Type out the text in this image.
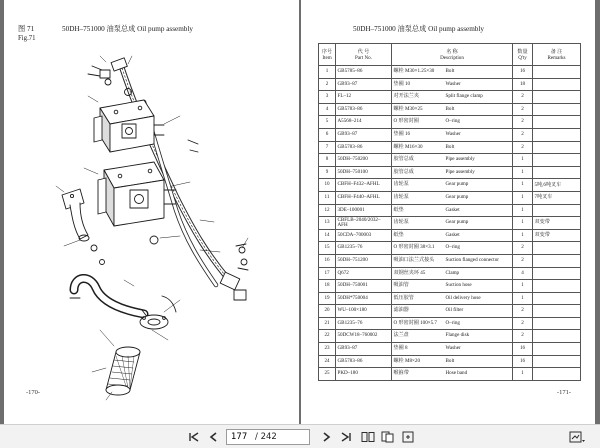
图 71
Fig.71
50DH–751000 油泵总成 Oil pump assembly
-170-
50DH–751000 油泵总成 Oil pump assembly
序号
Item	代 号
Part No.	名 称
Description	数量
Q'ty	备 注
Remarks

1	GB5785–86	螺栓 M30×1.25×30 Bolt	16	
2	GB93–87	垫圈 10 Washer	18	
3	FL–12	对开法兰夹 Split flange clamp	2	
4	GB5783–86	螺栓 M30×25 Bolt	2	
5	A5568–214	O 形密封圈 O–ring	2	
6	GB93–87	垫圈 16 Washer	2	
7	GB5783–86	螺栓 M16×30 Bolt	2	
8	50DH–750200	胶管总成 Pipe assembly	1	
9	50DH–750100	胶管总成 Pipe assembly	1	
10	CBFH–F432–AFHL	齿轮泵 Gear pump	1	5吨,6吨叉车
11	CBFH–F440–AFHL	齿轮泵 Gear pump	1	7吨叉车
12	3DE–100001	纸垫 Gasket	1	
13	CBFLB–2040/2032–AFH	齿轮泵 Gear pump	1	双变带
14	50CDA–700003	纸垫 Gasket	1	双变带
15	GB1235–76	O 形密封圈 38×3.1 O–ring	2	
16	50DH–751200	吸油口法兰式接头 Suction flanged connector	2	
17	Q672	双钢丝夹环 45 Clamp	4	
18	50DH–750001	吸油管 Suction hose	1	
19	50DH*750004	低压胶管 Oil delivery hose	1	
20	WU–100×180	滤油器 Oil filter	2	
21	GB1235–76	O 形密封圈 100×5.7 O–ring	2	
22	50DCW18–760002	法兰盘 Flange disk	2	
23	GB93–87	垫圈 8 Washer	16	
24	GB5783–86	螺栓 M8×20 Bolt	16	
25	PKD–180	喉箍带 Hose band	1	
-171-
177
/ 242
